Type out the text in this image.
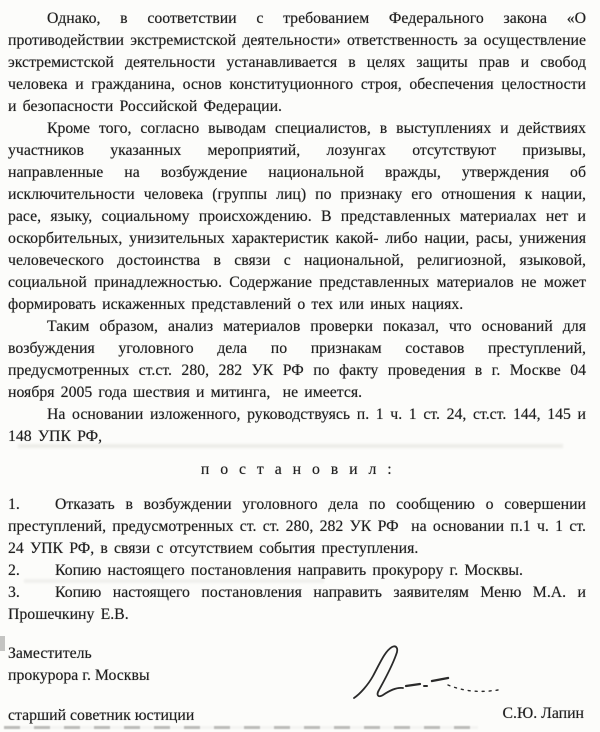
Однако, в соответствии с требованием Федерального закона «О противодействии экстремистской деятельности» ответственность за осуществление экстремистской деятельности устанавливается в целях защиты прав и свобод человека и гражданина, основ конституционного строя, обеспечения целостности и безопасности Российской Федерации.

Кроме того, согласно выводам специалистов, в выступлениях и действиях участников указанных мероприятий, лозунгах отсутствуют призывы, направленные на возбуждение национальной вражды, утверждения об исключительности человека (группы лиц) по признаку его отношения к нации, расе, языку, социальному происхождению. В представленных материалах нет и оскорбительных, унизительных характеристик какой- либо нации, расы, унижения человеческого достоинства в связи с национальной, религиозной, языковой, социальной принадлежностью. Содержание представленных материалов не может формировать искаженных представлений о тех или иных нациях.

Таким образом, анализ материалов проверки показал, что оснований для возбуждения уголовного дела по признакам составов преступлений, предусмотренных ст.ст. 280, 282 УК РФ по факту проведения в г. Москве 04 ноября 2005 года шествия и митинга,  не имеется.

На основании изложенного, руководствуясь п. 1 ч. 1 ст. 24, ст.ст. 144, 145 и 148 УПК РФ,

п о с т а н о в и л :

1. Отказать в возбуждении уголовного дела по сообщению о совершении преступлений, предусмотренных ст. ст. 280, 282 УК РФ  на основании п.1 ч. 1 ст. 24 УПК РФ, в связи с отсутствием события преступления.

2. Копию настоящего постановления направить прокурору г. Москвы.

3. Копию настоящего постановления направить заявителям Меню М.А. и Прошечкину Е.В.

Заместитель
прокурора г. Москвы
старший советник юстиции	С.Ю. Лапин
